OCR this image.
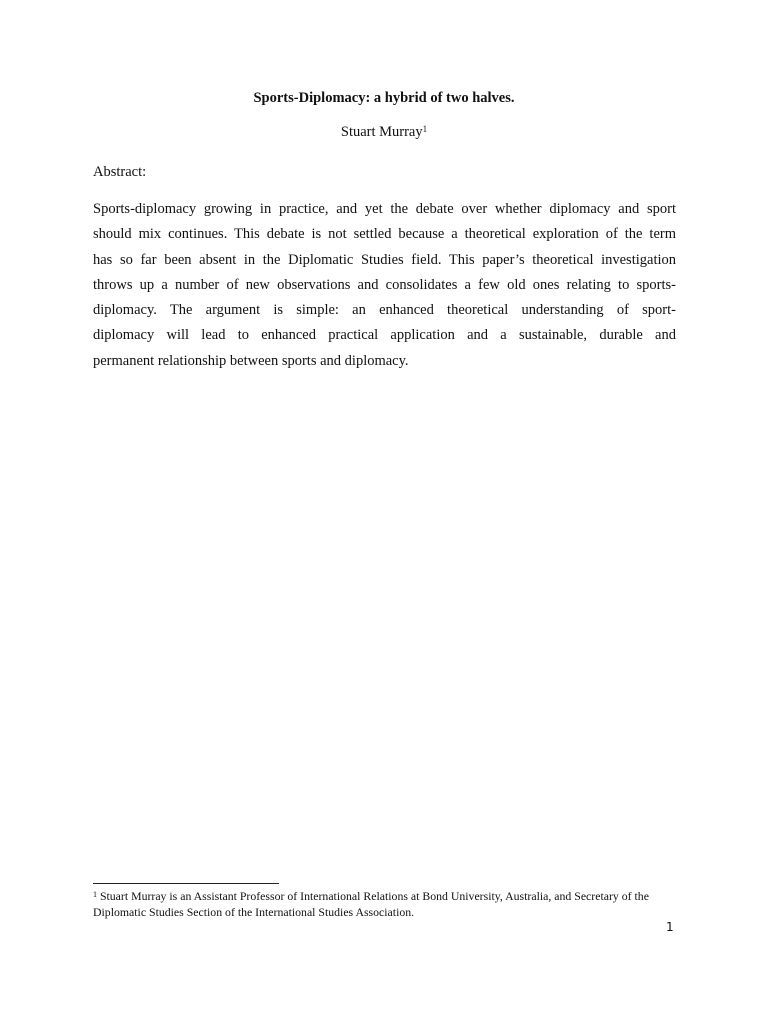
Sports-Diplomacy: a hybrid of two halves.
Stuart Murray$^1$
Abstract:
Sports-diplomacy growing in practice, and yet the debate over whether diplomacy and sport
should mix continues. This debate is not settled because a theoretical exploration of the term
has so far been absent in the Diplomatic Studies field. This paper’s theoretical investigation
throws up a number of new observations and consolidates a few old ones relating to sports-
diplomacy. The argument is simple: an enhanced theoretical understanding of sport-
diplomacy will lead to enhanced practical application and a sustainable, durable and
permanent relationship between sports and diplomacy.
$^1$ Stuart Murray is an Assistant Professor of International Relations at Bond University, Australia, and Secretary of the Diplomatic Studies Section of the International Studies Association.
1
